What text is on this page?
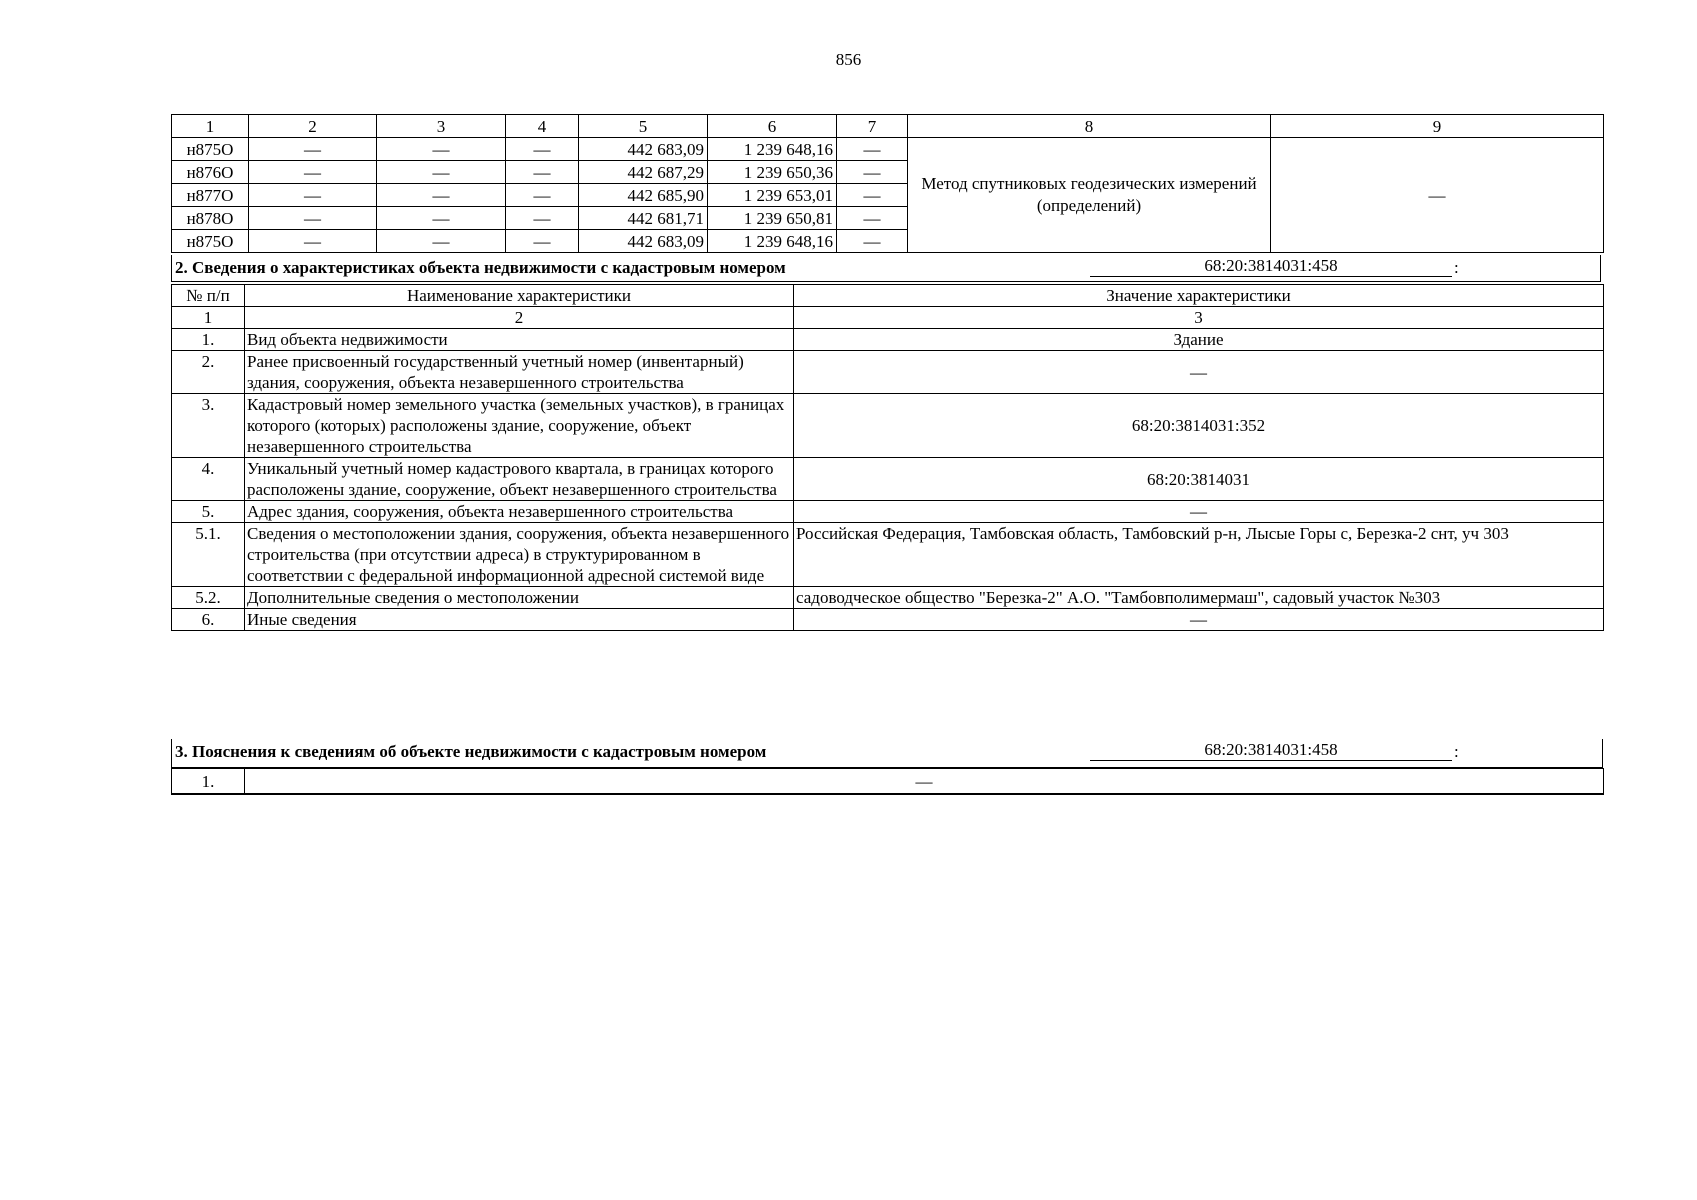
856
1	2	3	4	5	6	7	8	9
н875О	—	—	—	442 683,09	1 239 648,16	—	Метод спутниковых геодезических измерений (определений)	—
н876О	—	—	—	442 687,29	1 239 650,36	—		
н877О	—	—	—	442 685,90	1 239 653,01	—		
н878О	—	—	—	442 681,71	1 239 650,81	—		
н875О	—	—	—	442 683,09	1 239 648,16	—		
2. Сведения о характеристиках объекта недвижимости с кадастровым номером	68:20:3814031:458	:
№ п/п	Наименование характеристики	Значение характеристики
1	2	3
1.	Вид объекта недвижимости	Здание
2.	Ранее присвоенный государственный учетный номер (инвентарный) здания, сооружения, объекта незавершенного строительства	—
3.	Кадастровый номер земельного участка (земельных участков), в границах которого (которых) расположены здание, сооружение, объект незавершенного строительства	68:20:3814031:352
4.	Уникальный учетный номер кадастрового квартала, в границах которого расположены здание, сооружение, объект незавершенного строительства	68:20:3814031
5.	Адрес здания, сооружения, объекта незавершенного строительства	—
5.1.	Сведения о местоположении здания, сооружения, объекта незавершенного строительства (при отсутствии адреса) в структурированном в соответствии с федеральной информационной адресной системой виде	Российская Федерация, Тамбовская область, Тамбовский р-н, Лысые Горы с, Березка-2 снт, уч 303
5.2.	Дополнительные сведения о местоположении	садоводческое общество "Березка-2" А.О. "Тамбовполимермаш", садовый участок №303
6.	Иные сведения	—
3. Пояснения к сведениям об объекте недвижимости с кадастровым номером	68:20:3814031:458	:
1.	—
